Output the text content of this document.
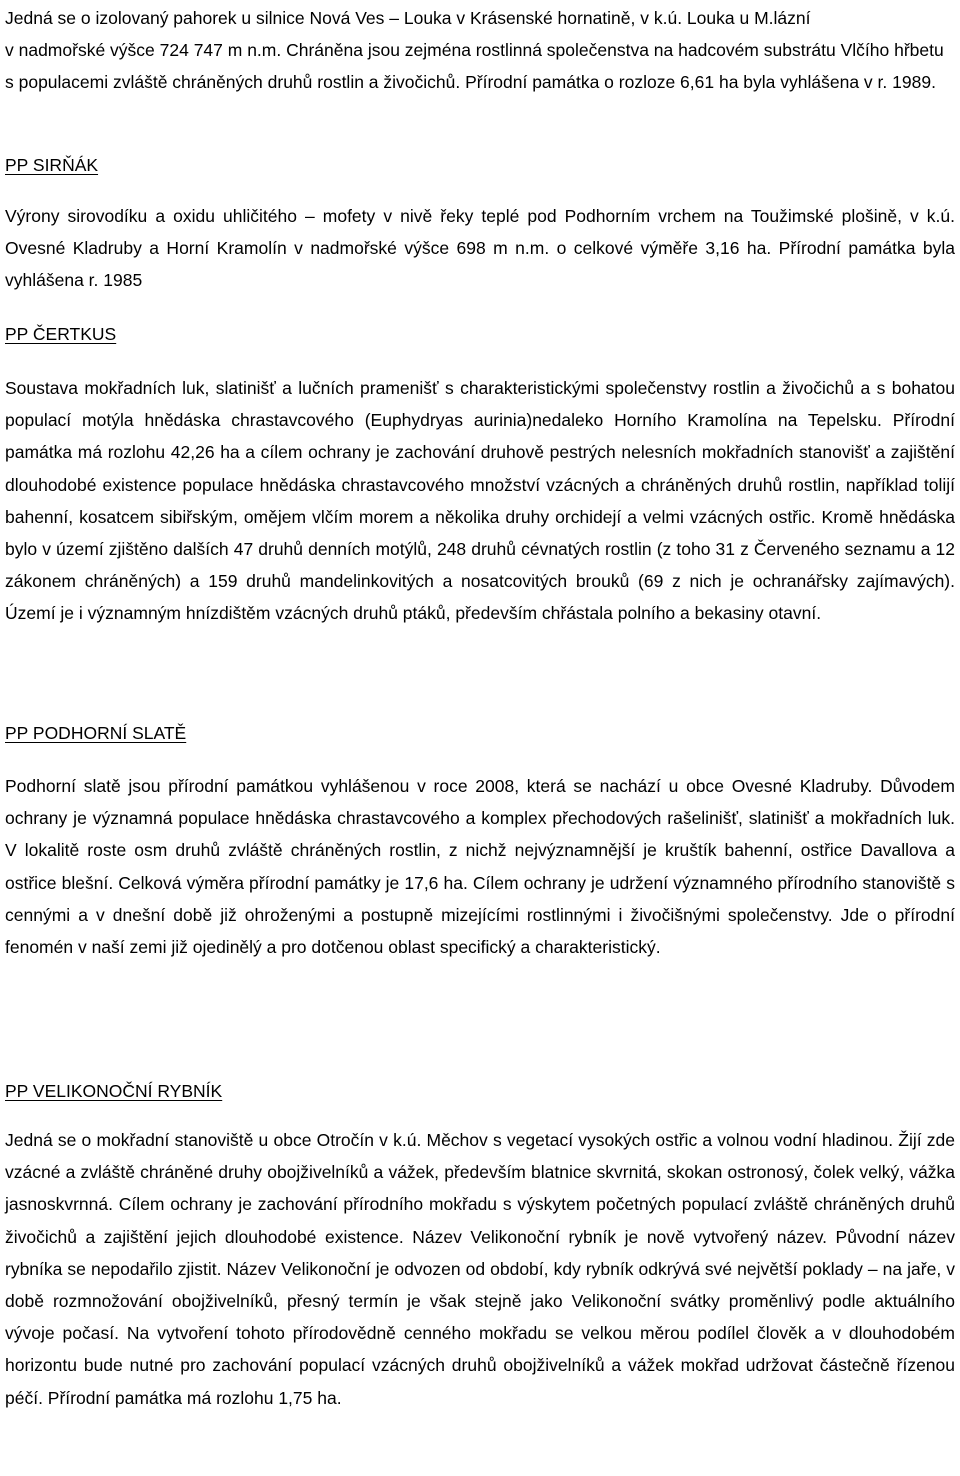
Jedná se o izolovaný pahorek u silnice Nová Ves – Louka v Krásenské hornatině, v k.ú. Louka u M.lázní

v nadmořské výšce 724 747 m n.m. Chráněna jsou zejména rostlinná společenstva na hadcovém substrátu Vlčího hřbetu s populacemi zvláště chráněných druhů rostlin a živočichů. Přírodní památka o rozloze 6,61 ha byla vyhlášena v r. 1989.

PP SIRŇÁK

Výrony sirovodíku a oxidu uhličitého – mofety v nivě řeky teplé pod Podhorním vrchem na Toužimské plošině, v k.ú. Ovesné Kladruby a Horní Kramolín v nadmořské výšce 698 m n.m. o celkové výměře 3,16 ha. Přírodní památka byla vyhlášena r. 1985

PP ČERTKUS

Soustava mokřadních luk, slatinišť a lučních pramenišť s charakteristickými společenstvy rostlin a živočichů a s bohatou populací motýla hnědáska chrastavcového (Euphydryas aurinia)nedaleko Horního Kramolína na Tepelsku. Přírodní památka má rozlohu 42,26 ha a cílem ochrany je zachování druhově pestrých nelesních mokřadních stanovišť a zajištění dlouhodobé existence populace hnědáska chrastavcového množství vzácných a chráněných druhů rostlin, například tolijí bahenní, kosatcem sibiřským, omějem vlčím morem a několika druhy orchidejí a velmi vzácných ostřic. Kromě hnědáska bylo v území zjištěno dalších 47 druhů denních motýlů, 248 druhů cévnatých rostlin (z toho 31 z Červeného seznamu a 12 zákonem chráněných) a 159 druhů mandelinkovitých a nosatcovitých brouků (69 z nich je ochranářsky zajímavých). Území je i významným hnízdištěm vzácných druhů ptáků, především chřástala polního a bekasiny otavní.

PP PODHORNÍ SLATĚ

Podhorní slatě jsou přírodní památkou vyhlášenou v roce 2008, která se nachází u obce Ovesné Kladruby. Důvodem ochrany je významná populace hnědáska chrastavcového a komplex přechodových rašelinišť, slatinišť a mokřadních luk. V lokalitě roste osm druhů zvláště chráněných rostlin, z nichž nejvýznamnější je kruštík bahenní, ostřice Davallova a ostřice blešní. Celková výměra přírodní památky je 17,6 ha. Cílem ochrany je udržení významného přírodního stanoviště s cennými a v dnešní době již ohroženými a postupně mizejícími rostlinnými i živočišnými společenstvy. Jde o přírodní fenomén v naší zemi již ojedinělý a pro dotčenou oblast specifický a charakteristický.

PP VELIKONOČNÍ RYBNÍK

Jedná se o mokřadní stanoviště u obce Otročín v k.ú. Měchov s vegetací vysokých ostřic a volnou vodní hladinou. Žijí zde vzácné a zvláště chráněné druhy obojživelníků a vážek, především blatnice skvrnitá, skokan ostronosý, čolek velký, vážka jasnoskvrnná. Cílem ochrany je zachování přírodního mokřadu s výskytem početných populací zvláště chráněných druhů živočichů a zajištění jejich dlouhodobé existence. Název Velikonoční rybník je nově vytvořený název. Původní název rybníka se nepodařilo zjistit. Název Velikonoční je odvozen od období, kdy rybník odkrývá své největší poklady – na jaře, v době rozmnožování obojživelníků, přesný termín je však stejně jako Velikonoční svátky proměnlivý podle aktuálního vývoje počasí. Na vytvoření tohoto přírodovědně cenného mokřadu se velkou měrou podílel člověk a v dlouhodobém horizontu bude nutné pro zachování populací vzácných druhů obojživelníků a vážek mokřad udržovat částečně řízenou péčí. Přírodní památka má rozlohu 1,75 ha.
